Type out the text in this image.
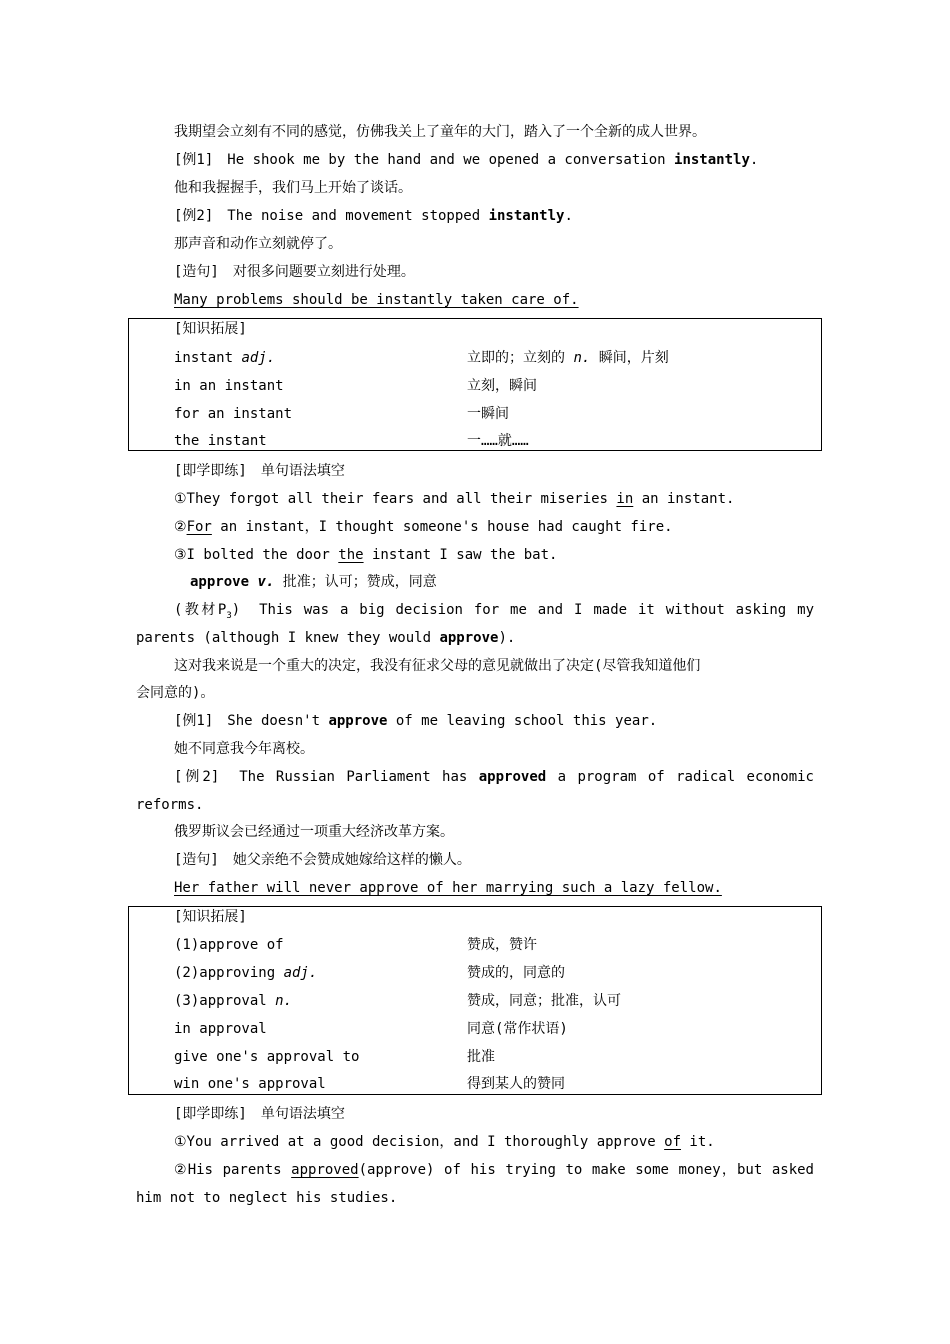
我期望会立刻有不同的感觉，仿佛我关上了童年的大门，踏入了一个全新的成人世界。
[例1]　He shook me by the hand and we opened a conversation instantly.
他和我握握手，我们马上开始了谈话。
[例2]　The noise and movement stopped instantly.
那声音和动作立刻就停了。
[造句]　对很多问题要立刻进行处理。
Many problems should be instantly taken care of.
[知识拓展]
instant adj.	立即的；立刻的 n. 瞬间，片刻
in an instant	立刻，瞬间
for an instant	一瞬间
the instant	一……就……
[即学即练]　单句语法填空
①They forgot all their fears and all their miseries in an instant.
②For an instant，I thought someone's house had caught fire.
③I bolted the door the instant I saw the bat.
approve v. 批准；认可；赞成，同意
(教材$P_3$)　This was a big decision for me and I made it without asking my
parents (although I knew they would approve).
这对我来说是一个重大的决定，我没有征求父母的意见就做出了决定(尽管我知道他们
会同意的)。
[例1]　She doesn't approve of me leaving school this year.
她不同意我今年离校。
[例2]　The Russian Parliament has approved a program of radical economic
reforms.
俄罗斯议会已经通过一项重大经济改革方案。
[造句]　她父亲绝不会赞成她嫁给这样的懒人。
Her father will never approve of her marrying such a lazy fellow.
[知识拓展]
(1)approve of	赞成，赞许
(2)approving adj.	赞成的，同意的
(3)approval n.	赞成，同意；批准，认可
in approval	同意(常作状语)
give one's approval to	批准
win one's approval	得到某人的赞同
[即学即练]　单句语法填空
①You arrived at a good decision，and I thoroughly approve of it.
②His parents approved(approve) of his trying to make some money，but asked
him not to neglect his studies.
